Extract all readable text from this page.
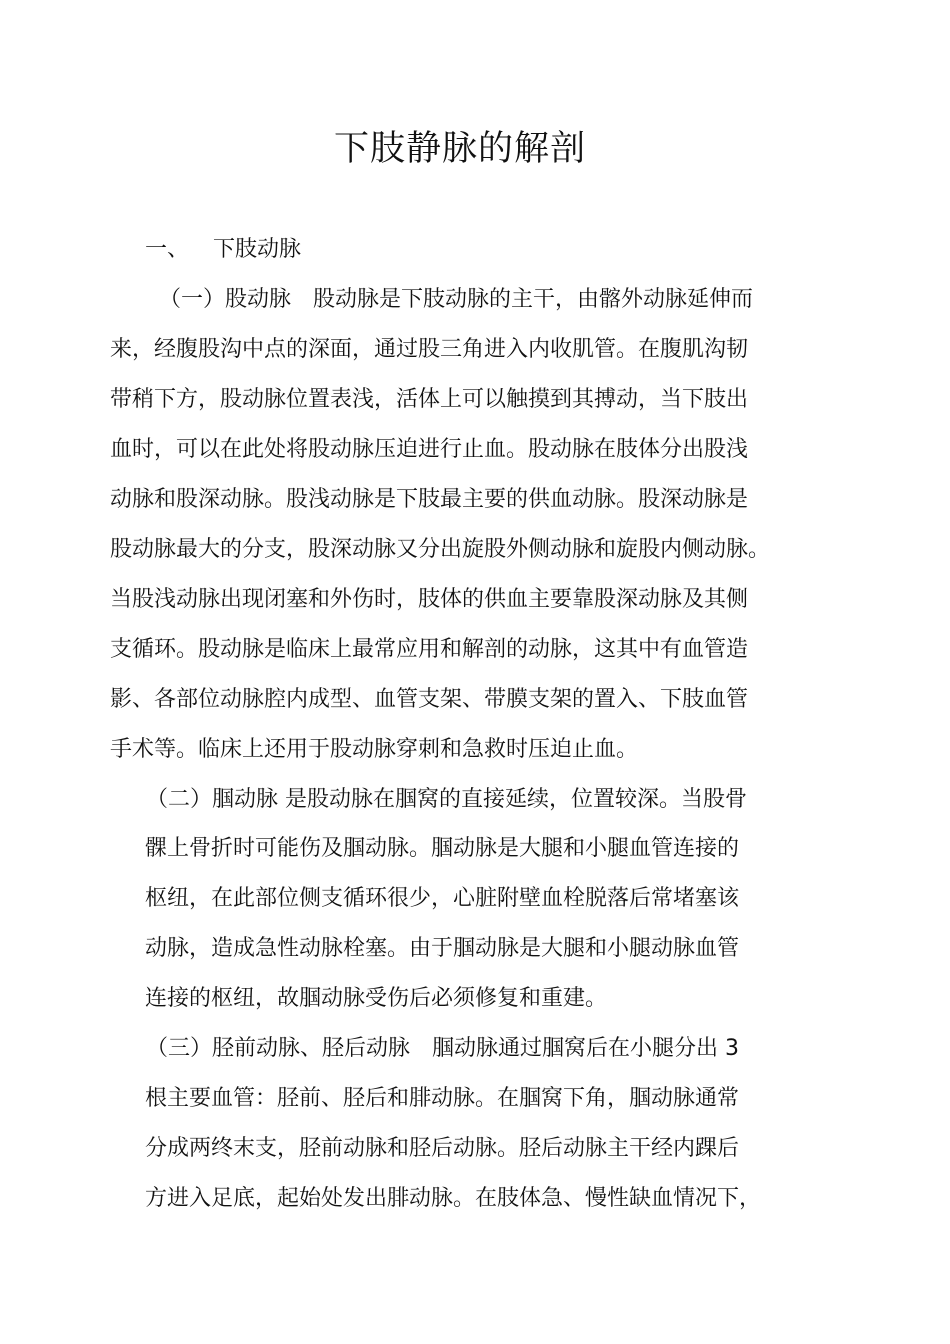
下肢静脉的解剖
一、 下肢动脉
（一）股动脉　股动脉是下肢动脉的主干，由髂外动脉延伸而
来，经腹股沟中点的深面，通过股三角进入内收肌管。在腹肌沟韧
带稍下方，股动脉位置表浅，活体上可以触摸到其搏动，当下肢出
血时，可以在此处将股动脉压迫进行止血。股动脉在肢体分出股浅
动脉和股深动脉。股浅动脉是下肢最主要的供血动脉。股深动脉是
股动脉最大的分支，股深动脉又分出旋股外侧动脉和旋股内侧动脉。
当股浅动脉出现闭塞和外伤时，肢体的供血主要靠股深动脉及其侧
支循环。股动脉是临床上最常应用和解剖的动脉，这其中有血管造
影、各部位动脉腔内成型、血管支架、带膜支架的置入、下肢血管
手术等。临床上还用于股动脉穿刺和急救时压迫止血。
（二）腘动脉 是股动脉在腘窝的直接延续，位置较深。当股骨
髁上骨折时可能伤及腘动脉。腘动脉是大腿和小腿血管连接的
枢纽，在此部位侧支循环很少，心脏附壁血栓脱落后常堵塞该
动脉，造成急性动脉栓塞。由于腘动脉是大腿和小腿动脉血管
连接的枢纽，故腘动脉受伤后必须修复和重建。
（三）胫前动脉、胫后动脉　腘动脉通过腘窝后在小腿分出 3
根主要血管：胫前、胫后和腓动脉。在腘窝下角，腘动脉通常
分成两终末支，胫前动脉和胫后动脉。胫后动脉主干经内踝后
方进入足底，起始处发出腓动脉。在肢体急、慢性缺血情况下，
